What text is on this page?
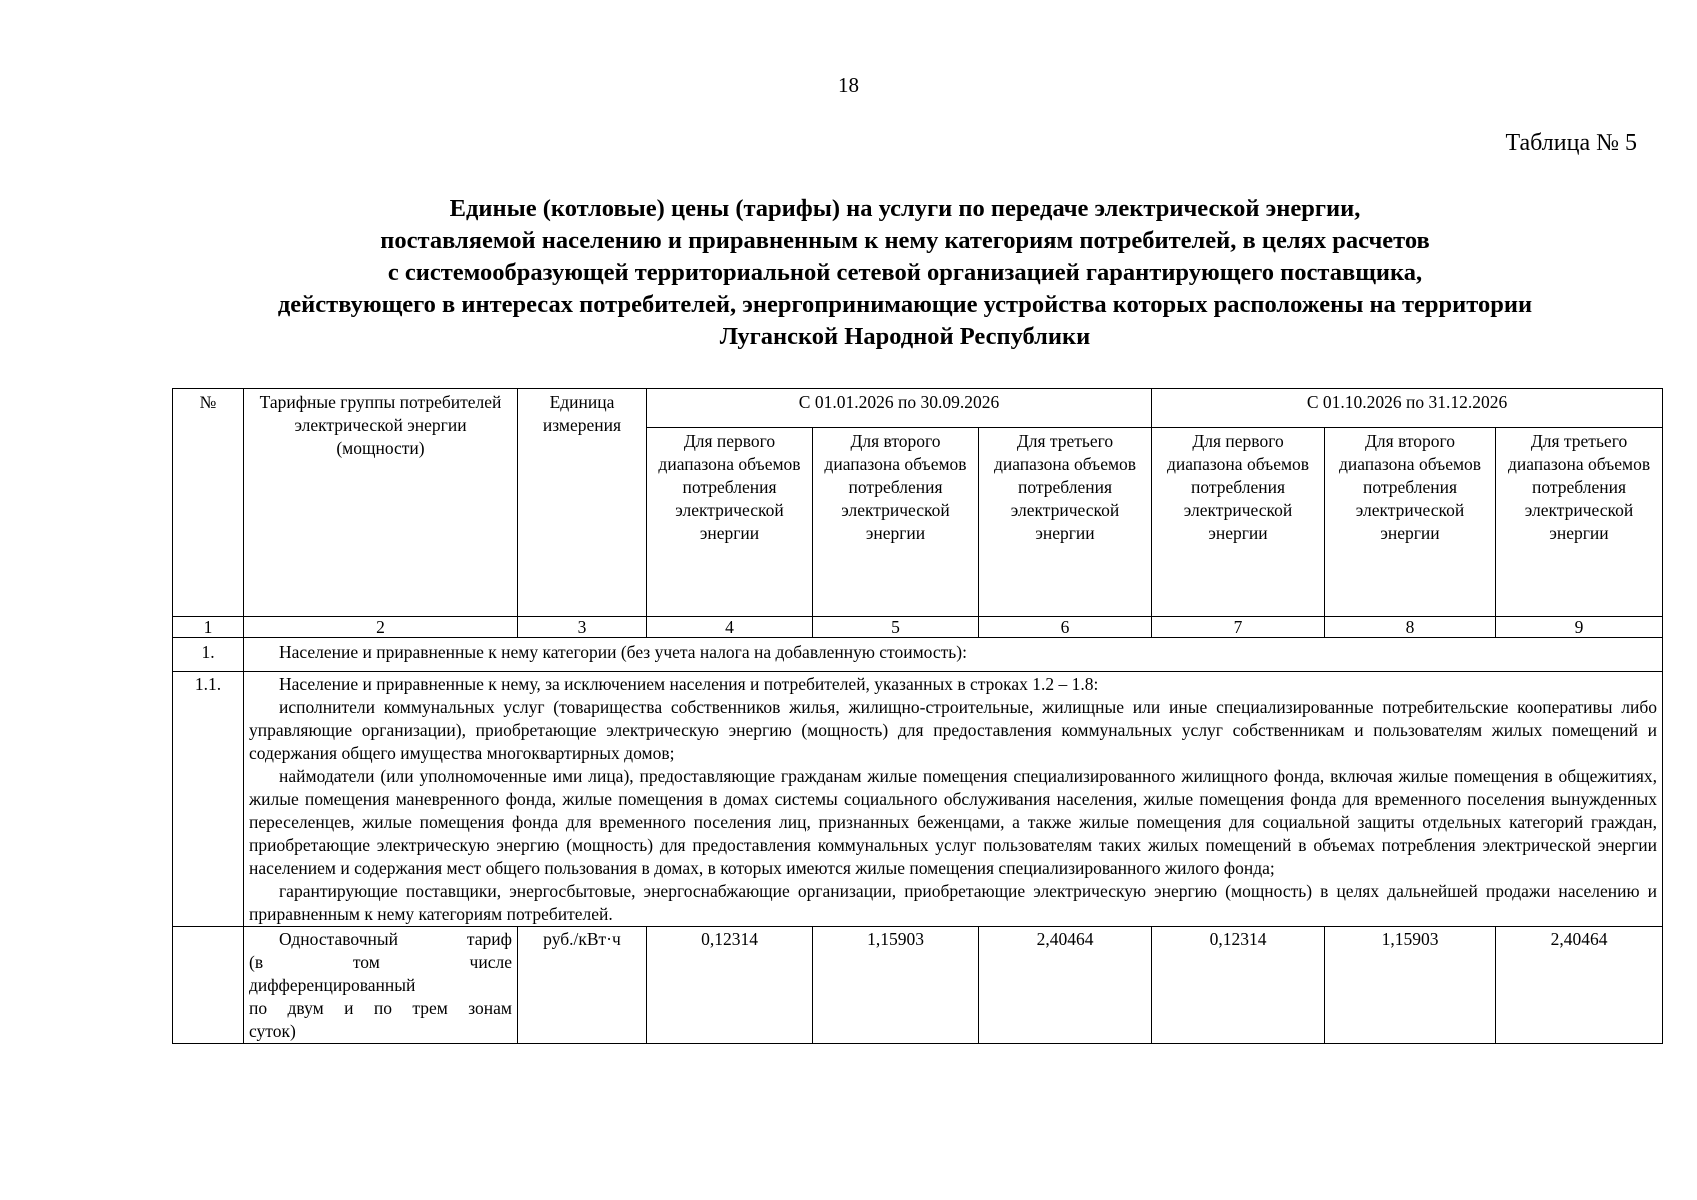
18
Таблица № 5
Единые (котловые) цены (тарифы) на услуги по передаче электрической энергии,
поставляемой населению и приравненным к нему категориям потребителей, в целях расчетов
с системообразующей территориальной сетевой организацией гарантирующего поставщика,
действующего в интересах потребителей, энергопринимающие устройства которых расположены на территории
Луганской Народной Республики
№	Тарифные группы потребителей электрической энергии (мощности)	Единица измерения	С 01.01.2026 по 30.09.2026			С 01.10.2026 по 31.12.2026		
			Для первого диапазона объемов потребления электрической энергии	Для второго диапазона объемов потребления электрической энергии	Для третьего диапазона объемов потребления электрической энергии	Для первого диапазона объемов потребления электрической энергии	Для второго диапазона объемов потребления электрической энергии	Для третьего диапазона объемов потребления электрической энергии
1	2	3	4	5	6	7	8	9
1.	Население и приравненные к нему категории (без учета налога на добавленную стоимость):							
1.1.	Население и приравненные к нему, за исключением населения и потребителей, указанных в строках 1.2 – 1.8:
исполнители коммунальных услуг (товарищества собственников жилья, жилищно-строительные, жилищные или иные специализированные потребительские кооперативы либо управляющие организации), приобретающие электрическую энергию (мощность) для предоставления коммунальных услуг собственникам и пользователям жилых помещений и содержания общего имущества многоквартирных домов;
наймодатели (или уполномоченные ими лица), предоставляющие гражданам жилые помещения специализированного жилищного фонда, включая жилые помещения в общежитиях, жилые помещения маневренного фонда, жилые помещения в домах системы социального обслуживания населения, жилые помещения фонда для временного поселения вынужденных переселенцев, жилые помещения фонда для временного поселения лиц, признанных беженцами, а также жилые помещения для социальной защиты отдельных категорий граждан, приобретающие электрическую энергию (мощность) для предоставления коммунальных услуг пользователям таких жилых помещений в объемах потребления электрической энергии населением и содержания мест общего пользования в домах, в которых имеются жилые помещения специализированного жилого фонда;
гарантирующие поставщики, энергосбытовые, энергоснабжающие организации, приобретающие электрическую энергию (мощность) в целях дальнейшей продажи населению и приравненным к нему категориям потребителей.							

	Одноставочный тариф
(в том числе
дифференцированный
по двум и по трем зонам
суток)	руб./кВт·ч	0,12314	1,15903	2,40464	0,12314	1,15903	2,40464
